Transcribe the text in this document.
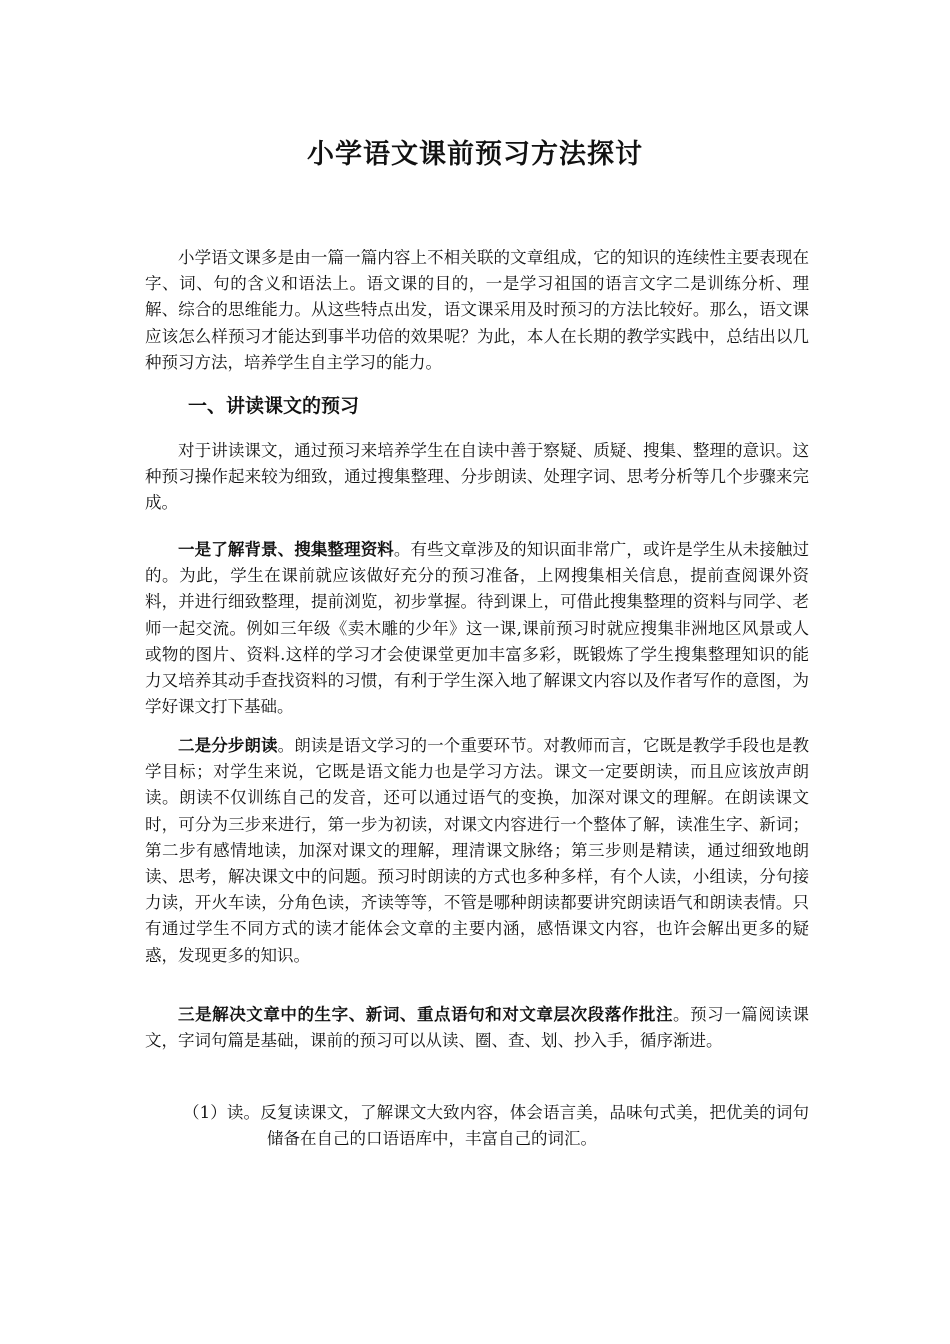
小学语文课前预习方法探讨

小学语文课多是由一篇一篇内容上不相关联的文章组成，它的知识的连续性主要表现在字、词、句的含义和语法上。语文课的目的，一是学习祖国的语言文字二是训练分析、理解、综合的思维能力。从这些特点出发，语文课采用及时预习的方法比较好。那么，语文课应该怎么样预习才能达到事半功倍的效果呢？为此，本人在长期的教学实践中，总结出以几种预习方法，培养学生自主学习的能力。

一、讲读课文的预习

对于讲读课文，通过预习来培养学生在自读中善于察疑、质疑、搜集、整理的意识。这种预习操作起来较为细致，通过搜集整理、分步朗读、处理字词、思考分析等几个步骤来完成。

一是了解背景、搜集整理资料。有些文章涉及的知识面非常广，或许是学生从未接触过的。为此，学生在课前就应该做好充分的预习准备，上网搜集相关信息，提前查阅课外资料，并进行细致整理，提前浏览，初步掌握。待到课上，可借此搜集整理的资料与同学、老师一起交流。例如三年级《卖木雕的少年》这一课,课前预习时就应搜集非洲地区风景或人或物的图片、资料.这样的学习才会使课堂更加丰富多彩，既锻炼了学生搜集整理知识的能力又培养其动手查找资料的习惯，有利于学生深入地了解课文内容以及作者写作的意图，为学好课文打下基础。

二是分步朗读。朗读是语文学习的一个重要环节。对教师而言，它既是教学手段也是教学目标；对学生来说，它既是语文能力也是学习方法。课文一定要朗读，而且应该放声朗读。朗读不仅训练自己的发音，还可以通过语气的变换，加深对课文的理解。在朗读课文时，可分为三步来进行，第一步为初读，对课文内容进行一个整体了解，读准生字、新词；第二步有感情地读，加深对课文的理解，理清课文脉络；第三步则是精读，通过细致地朗读、思考，解决课文中的问题。预习时朗读的方式也多种多样，有个人读，小组读，分句接力读，开火车读，分角色读，齐读等等，不管是哪种朗读都要讲究朗读语气和朗读表情。只有通过学生不同方式的读才能体会文章的主要内涵，感悟课文内容，也许会解出更多的疑惑，发现更多的知识。

三是解决文章中的生字、新词、重点语句和对文章层次段落作批注。预习一篇阅读课文，字词句篇是基础，课前的预习可以从读、圈、查、划、抄入手，循序渐进。

（1）读。反复读课文，了解课文大致内容，体会语言美，品味句式美，把优美的词句储备在自己的口语语库中，丰富自己的词汇。
